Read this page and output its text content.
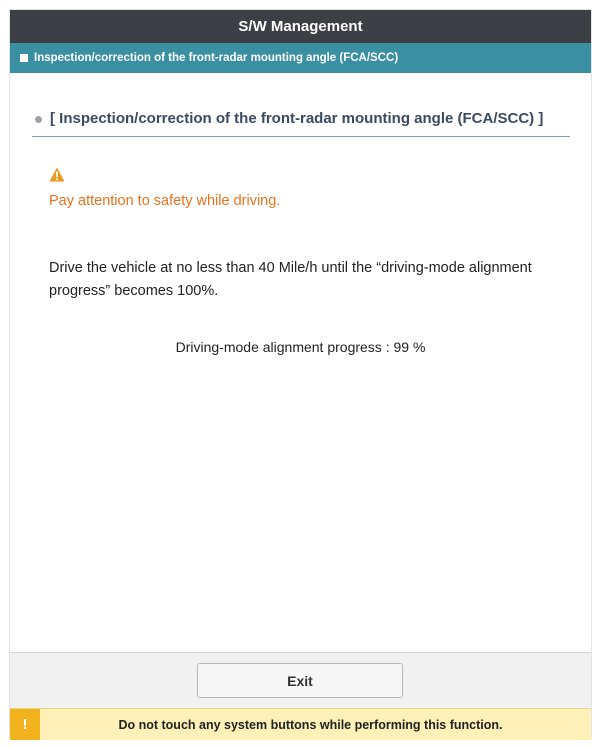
S/W Management
Inspection/correction of the front-radar mounting angle (FCA/SCC)
[ Inspection/correction of the front-radar mounting angle (FCA/SCC) ]
Pay attention to safety while driving.
Drive the vehicle at no less than 40 Mile/h until the “driving-mode alignment progress” becomes 100%.
Driving-mode alignment progress : 99 %
Exit
!	Do not touch any system buttons while performing this function.
